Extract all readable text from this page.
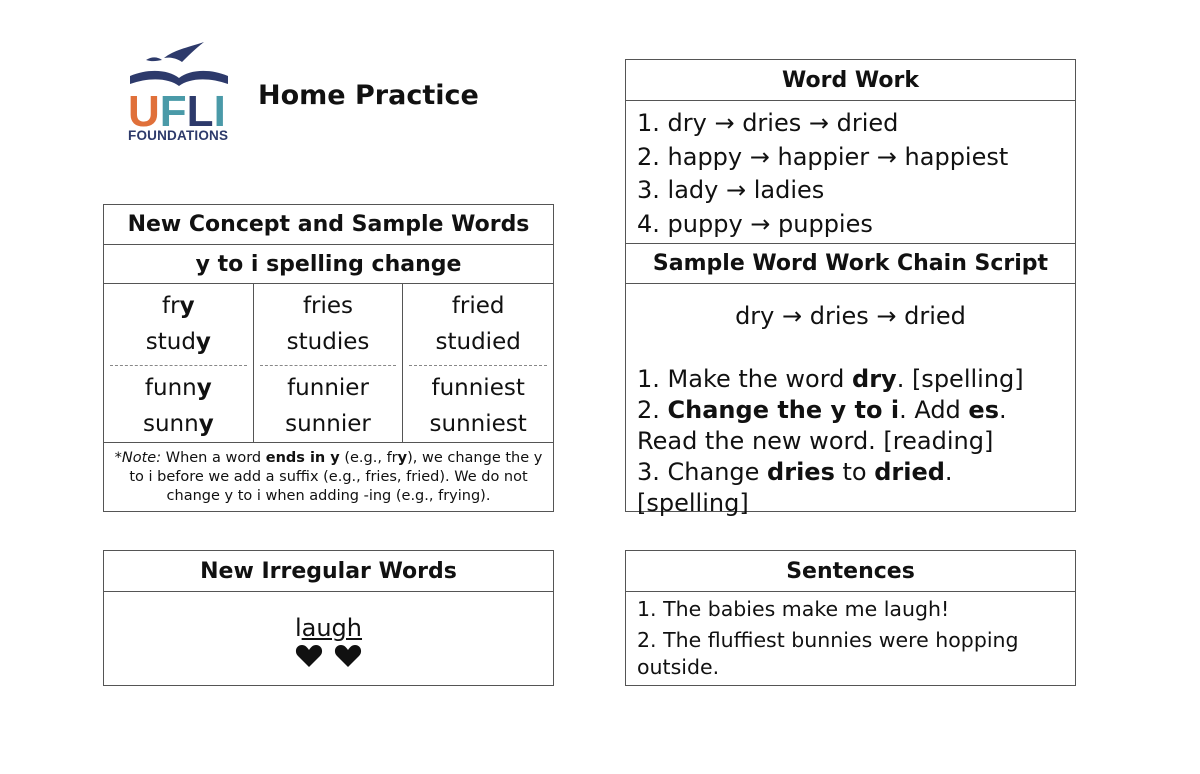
UFLI
FOUNDATIONS
Home Practice
New Concept and Sample Words
y to i spelling change
fry
study
funny
sunny
fries
studies
funnier
sunnier
fried
studied
funniest
sunniest
*Note: When a word ends in y (e.g., fry), we change the y to i before we add a suffix (e.g., fries, fried). We do not change y to i when adding -ing (e.g., frying).
New Irregular Words
laugh

Word Work
1. dry → dries → dried
2. happy → happier → happiest
3. lady → ladies
4. puppy → puppies
Sample Word Work Chain Script
dry → dries → dried
1. Make the word dry. [spelling]
2. Change the y to i. Add es. Read the new word. [reading]
3. Change dries to dried. [spelling]
Sentences
1. The babies make me laugh!
2. The fluffiest bunnies were hopping outside.
